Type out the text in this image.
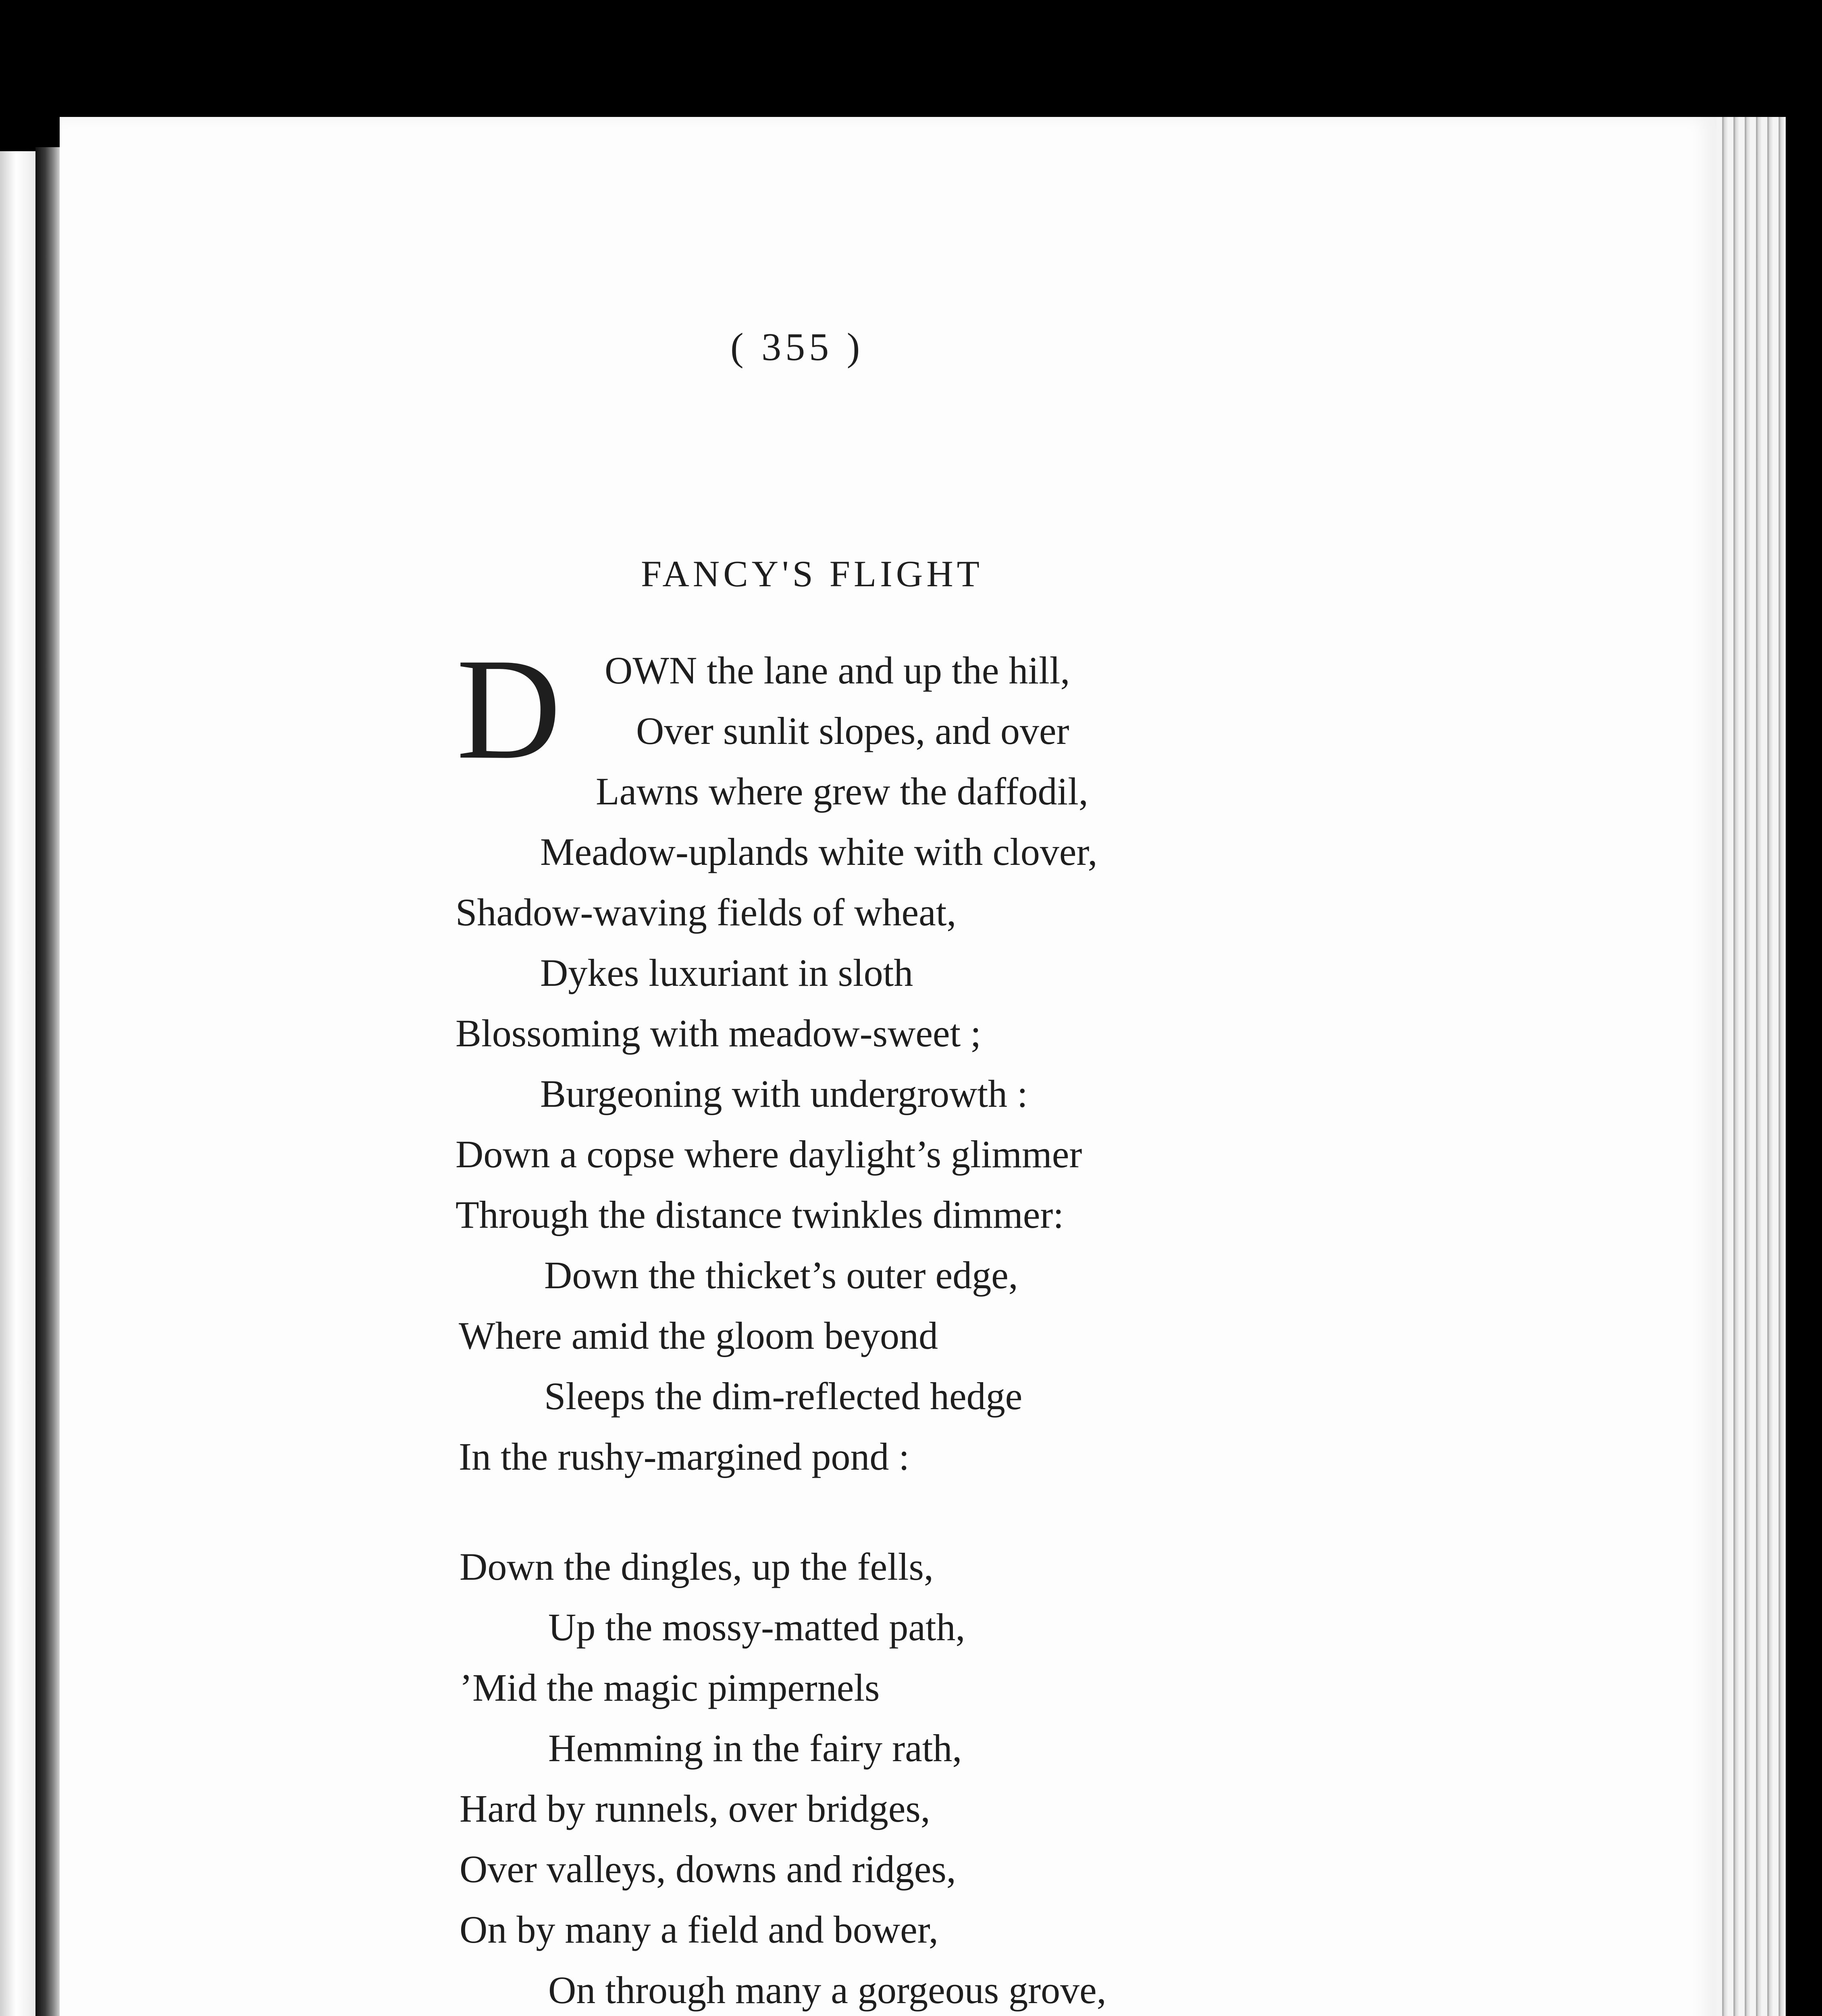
( 355 )
FANCY'S FLIGHT
D OWN the lane and up the hill,
Over sunlit slopes, and over
Lawns where grew the daffodil,
Meadow-uplands white with clover,
Shadow-waving fields of wheat,
Dykes luxuriant in sloth
Blossoming with meadow-sweet ;
Burgeoning with undergrowth :
Down a copse where daylight’s glimmer
Through the distance twinkles dimmer:
Down the thicket’s outer edge,
Where amid the gloom beyond
Sleeps the dim-reflected hedge
In the rushy-margined pond :
Down the dingles, up the fells,
Up the mossy-matted path,
’Mid the magic pimpernels
Hemming in the fairy rath,
Hard by runnels, over bridges,
Over valleys, downs and ridges,
On by many a field and bower,
On through many a gorgeous grove,
